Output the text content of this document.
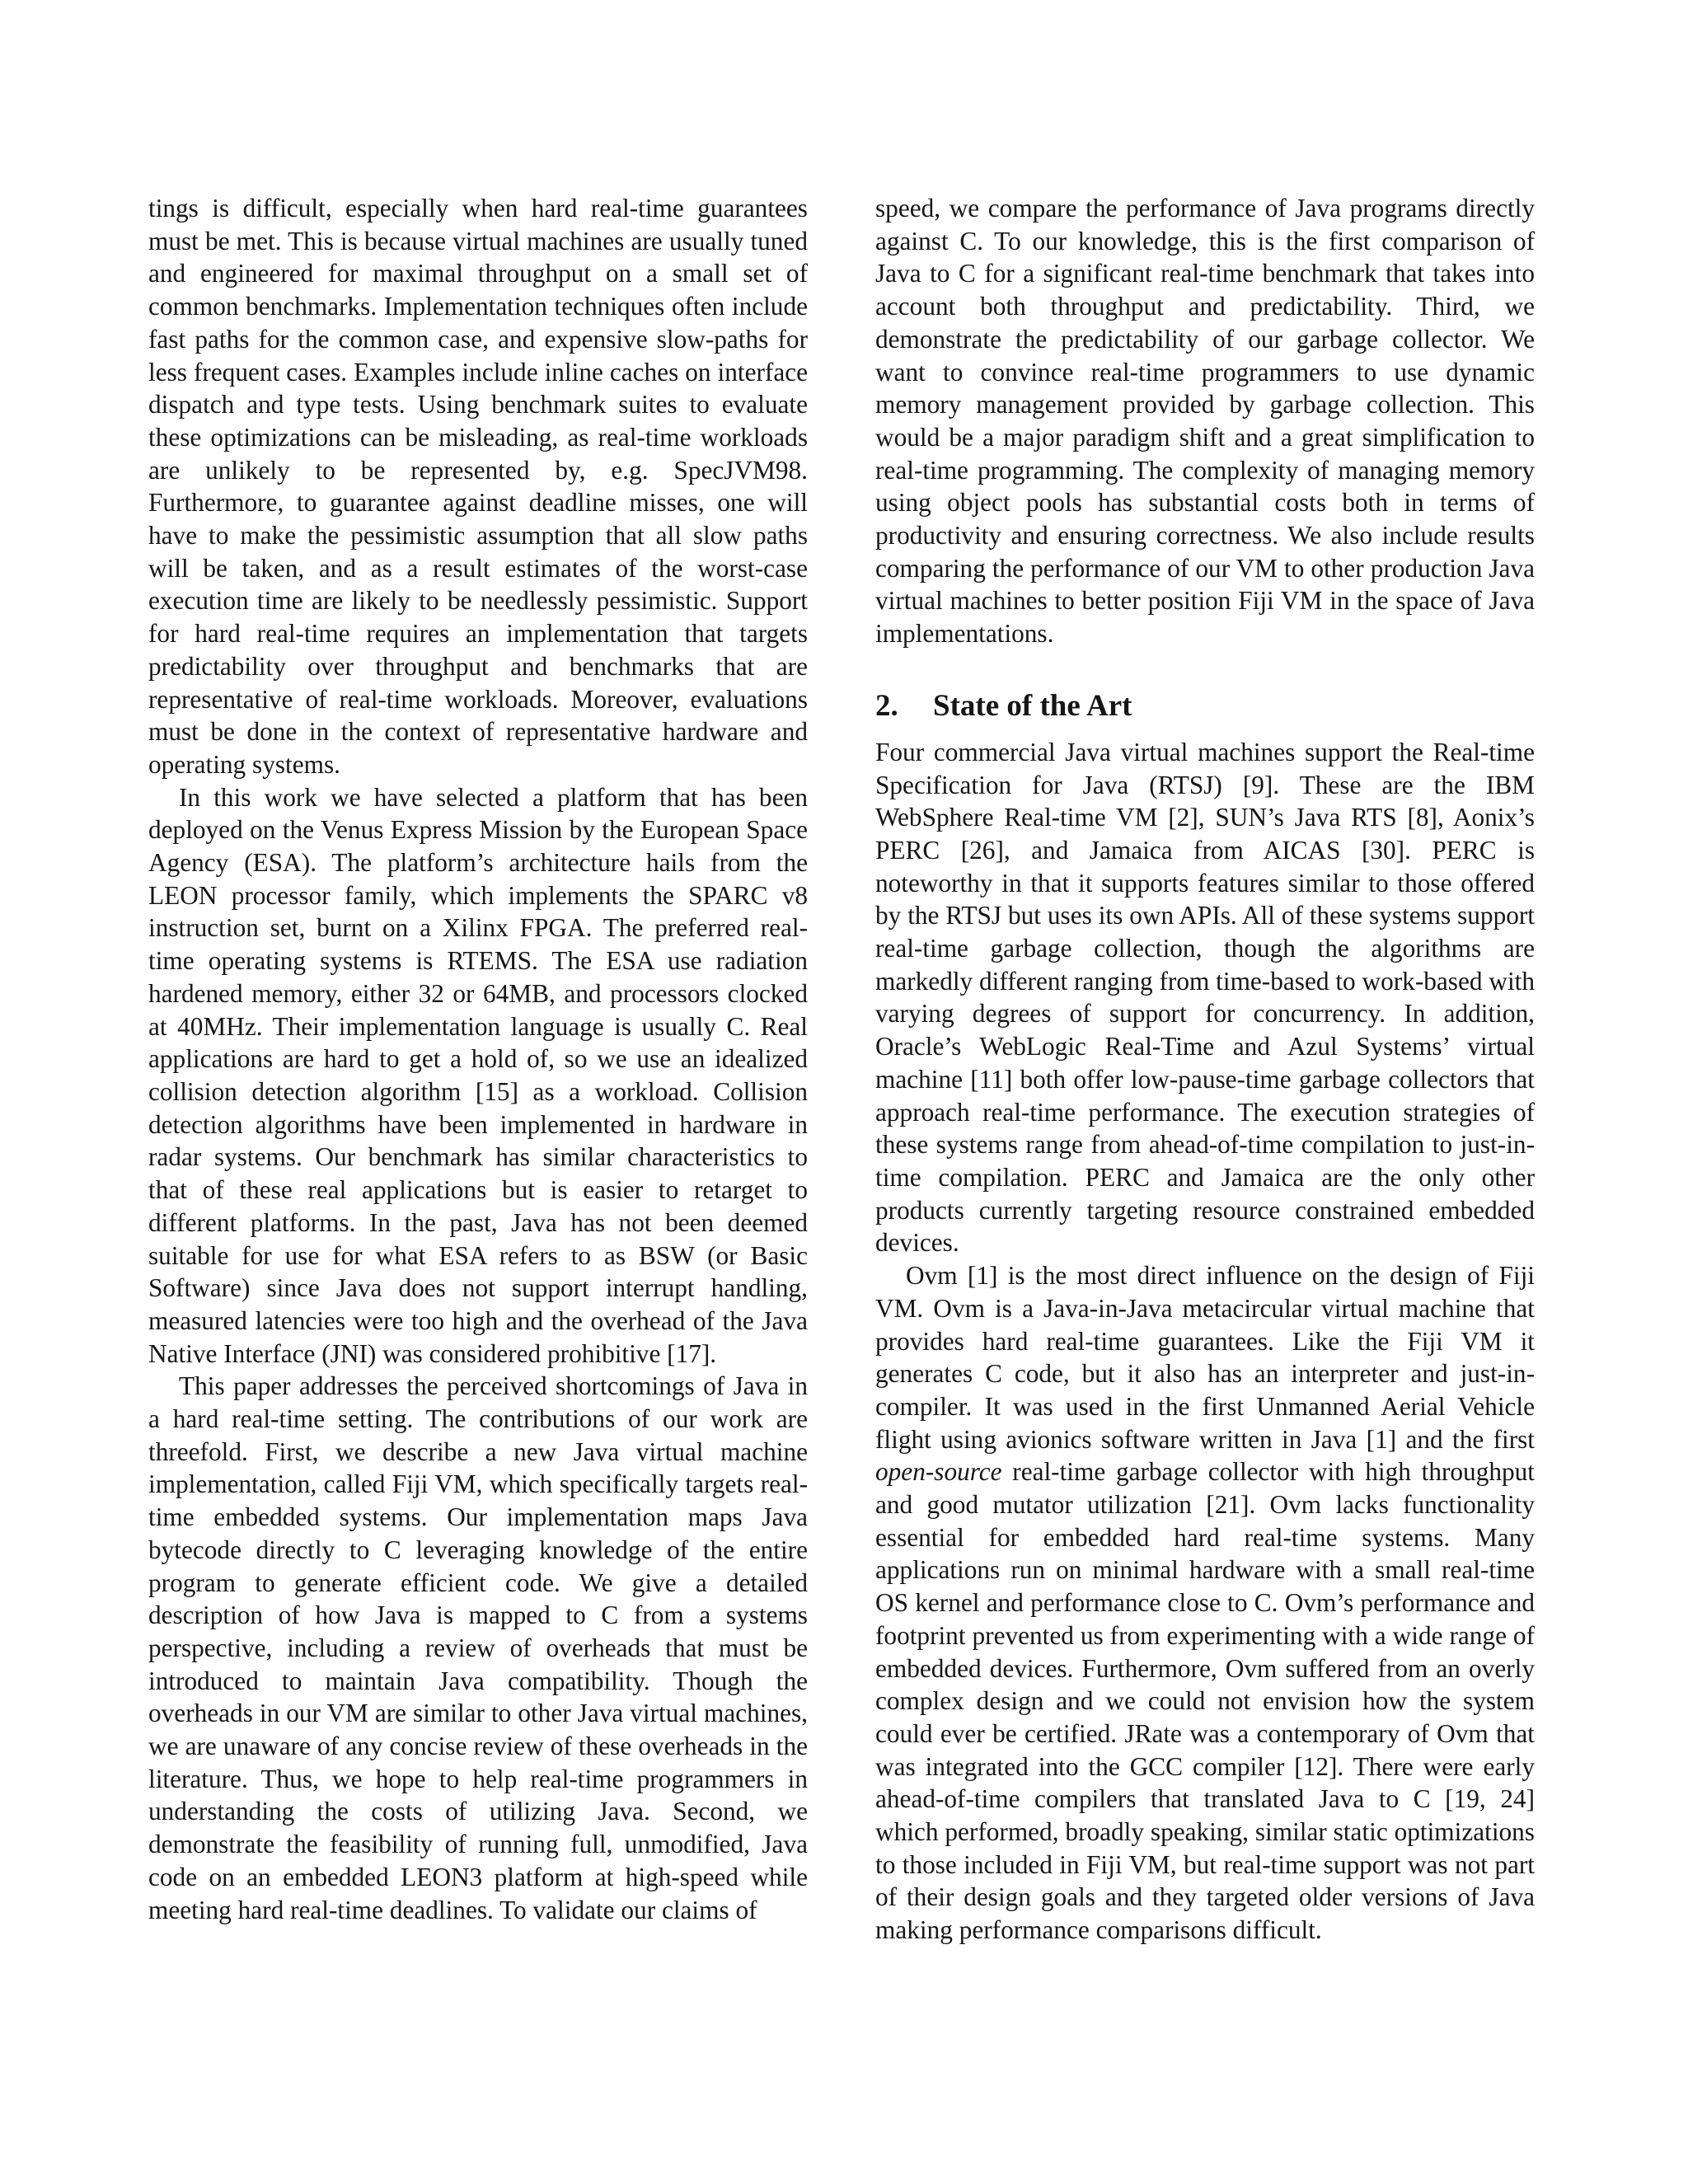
tings is difficult, especially when hard real-time guarantees must be met. This is because virtual machines are usually tuned and engineered for maximal throughput on a small set of common benchmarks. Implementation techniques often include fast paths for the common case, and expensive slow-paths for less frequent cases. Examples include inline caches on interface dispatch and type tests. Using benchmark suites to evaluate these optimizations can be misleading, as real-time workloads are unlikely to be represented by, e.g. SpecJVM98. Furthermore, to guarantee against deadline misses, one will have to make the pessimistic assumption that all slow paths will be taken, and as a result estimates of the worst-case execution time are likely to be needlessly pessimistic. Support for hard real-time requires an implementation that targets predictability over throughput and benchmarks that are representative of real-time workloads. Moreover, evaluations must be done in the context of representative hardware and operating systems.

In this work we have selected a platform that has been deployed on the Venus Express Mission by the European Space Agency (ESA). The platform’s architecture hails from the LEON processor family, which implements the SPARC v8 instruction set, burnt on a Xilinx FPGA. The preferred real-time operating systems is RTEMS. The ESA use radiation hardened memory, either 32 or 64MB, and processors clocked at 40MHz. Their implementation language is usually C. Real applications are hard to get a hold of, so we use an idealized collision detection algorithm [15] as a workload. Collision detection algorithms have been implemented in hardware in radar systems. Our benchmark has similar characteristics to that of these real applications but is easier to retarget to different platforms. In the past, Java has not been deemed suitable for use for what ESA refers to as BSW (or Basic Software) since Java does not support interrupt handling, measured latencies were too high and the overhead of the Java Native Interface (JNI) was considered prohibitive [17].

This paper addresses the perceived shortcomings of Java in a hard real-time setting. The contributions of our work are threefold. First, we describe a new Java virtual machine implementation, called Fiji VM, which specifically targets real-time embedded systems. Our implementation maps Java bytecode directly to C leveraging knowledge of the entire program to generate efficient code. We give a detailed description of how Java is mapped to C from a systems perspective, including a review of overheads that must be introduced to maintain Java compatibility. Though the overheads in our VM are similar to other Java virtual machines, we are unaware of any concise review of these overheads in the literature. Thus, we hope to help real-time programmers in understanding the costs of utilizing Java. Second, we demonstrate the feasibility of running full, unmodified, Java code on an embedded LEON3 platform at high-speed while meeting hard real-time deadlines. To validate our claims of

speed, we compare the performance of Java programs directly against C. To our knowledge, this is the first comparison of Java to C for a significant real-time benchmark that takes into account both throughput and predictability. Third, we demonstrate the predictability of our garbage collector. We want to convince real-time programmers to use dynamic memory management provided by garbage collection. This would be a major paradigm shift and a great simplification to real-time programming. The complexity of managing memory using object pools has substantial costs both in terms of productivity and ensuring correctness. We also include results comparing the performance of our VM to other production Java virtual machines to better position Fiji VM in the space of Java implementations.

2. State of the Art

Four commercial Java virtual machines support the Real-time Specification for Java (RTSJ) [9]. These are the IBM WebSphere Real-time VM [2], SUN’s Java RTS [8], Aonix’s PERC [26], and Jamaica from AICAS [30]. PERC is noteworthy in that it supports features similar to those offered by the RTSJ but uses its own APIs. All of these systems support real-time garbage collection, though the algorithms are markedly different ranging from time-based to work-based with varying degrees of support for concurrency. In addition, Oracle’s WebLogic Real-Time and Azul Systems’ virtual machine [11] both offer low-pause-time garbage collectors that approach real-time performance. The execution strategies of these systems range from ahead-of-time compilation to just-in-time compilation. PERC and Jamaica are the only other products currently targeting resource constrained embedded devices.

Ovm [1] is the most direct influence on the design of Fiji VM. Ovm is a Java-in-Java metacircular virtual machine that provides hard real-time guarantees. Like the Fiji VM it generates C code, but it also has an interpreter and just-in-compiler. It was used in the first Unmanned Aerial Vehicle flight using avionics software written in Java [1] and the first open-source real-time garbage collector with high throughput and good mutator utilization [21]. Ovm lacks functionality essential for embedded hard real-time systems. Many applications run on minimal hardware with a small real-time OS kernel and performance close to C. Ovm’s performance and footprint prevented us from experimenting with a wide range of embedded devices. Furthermore, Ovm suffered from an overly complex design and we could not envision how the system could ever be certified. JRate was a contemporary of Ovm that was integrated into the GCC compiler [12]. There were early ahead-of-time compilers that translated Java to C [19, 24] which performed, broadly speaking, similar static optimizations to those included in Fiji VM, but real-time support was not part of their design goals and they targeted older versions of Java making performance comparisons difficult.
